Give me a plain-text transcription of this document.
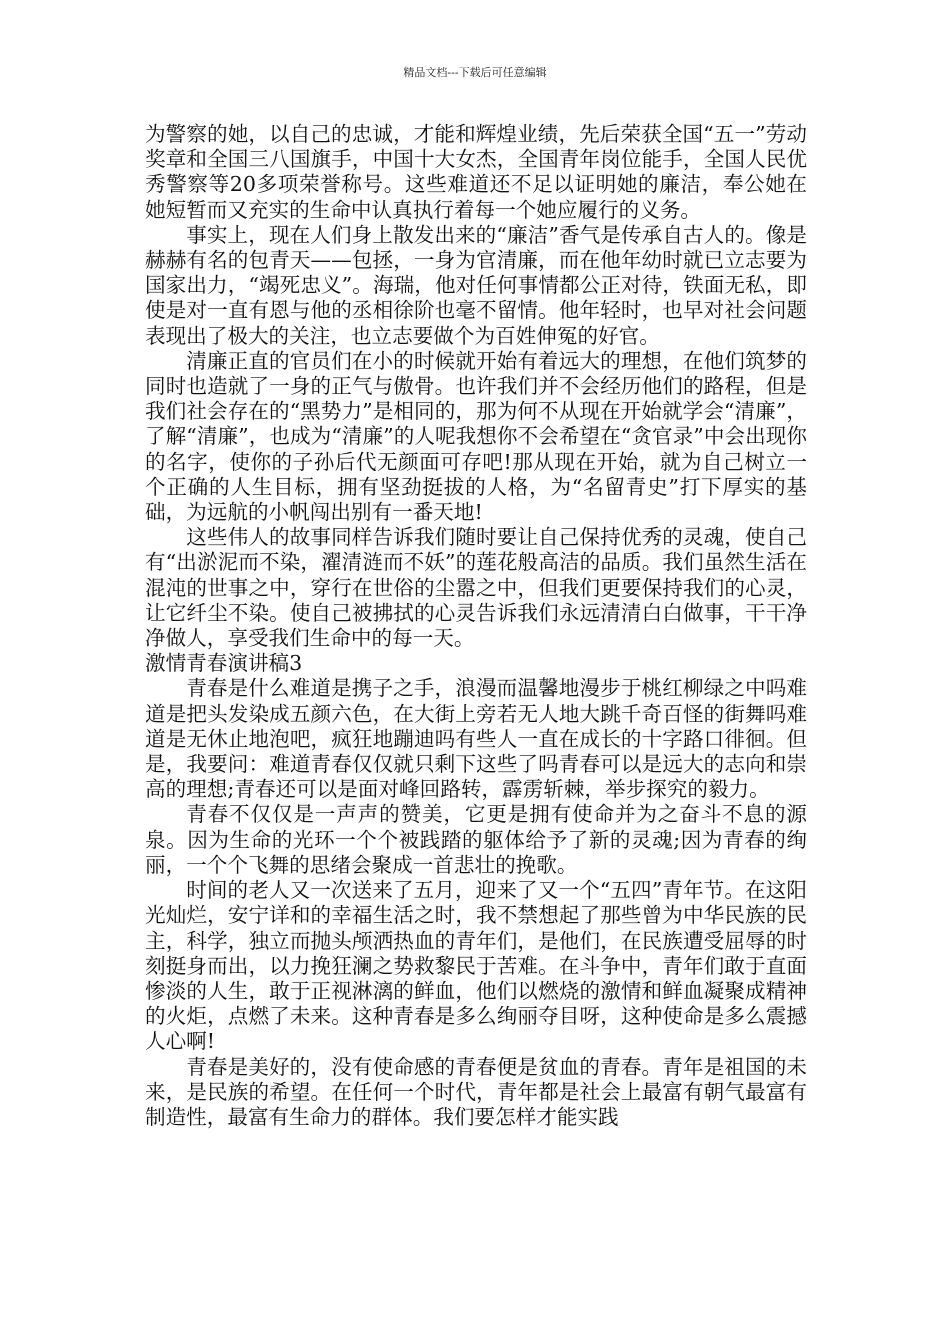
精品文档---下载后可任意编辑

为警察的她，以自己的忠诚，才能和辉煌业绩，先后荣获全国“五一”劳动奖章和全国三八国旗手，中国十大女杰，全国青年岗位能手，全国人民优秀警察等20多项荣誉称号。这些难道还不足以证明她的廉洁，奉公她在她短暂而又充实的生命中认真执行着每一个她应履行的义务。

事实上，现在人们身上散发出来的“廉洁”香气是传承自古人的。像是赫赫有名的包青天——包拯，一身为官清廉，而在他年幼时就已立志要为国家出力，“竭死忠义”。海瑞，他对任何事情都公正对待，铁面无私，即使是对一直有恩与他的丞相徐阶也毫不留情。他年轻时，也早对社会问题表现出了极大的关注，也立志要做个为百姓伸冤的好官。

清廉正直的官员们在小的时候就开始有着远大的理想，在他们筑梦的同时也造就了一身的正气与傲骨。也许我们并不会经历他们的路程，但是我们社会存在的“黑势力”是相同的，那为何不从现在开始就学会“清廉”，了解“清廉”，也成为“清廉”的人呢我想你不会希望在“贪官录”中会出现你的名字，使你的子孙后代无颜面可存吧!那从现在开始，就为自己树立一个正确的人生目标，拥有坚劲挺拔的人格，为“名留青史”打下厚实的基础，为远航的小帆闯出别有一番天地!

这些伟人的故事同样告诉我们随时要让自己保持优秀的灵魂，使自己有“出淤泥而不染，濯清涟而不妖”的莲花般高洁的品质。我们虽然生活在混沌的世事之中，穿行在世俗的尘嚣之中，但我们更要保持我们的心灵，让它纤尘不染。使自己被拂拭的心灵告诉我们永远清清白白做事，干干净净做人，享受我们生命中的每一天。

激情青春演讲稿3

青春是什么难道是携子之手，浪漫而温馨地漫步于桃红柳绿之中吗难道是把头发染成五颜六色，在大街上旁若无人地大跳千奇百怪的街舞吗难道是无休止地泡吧，疯狂地蹦迪吗有些人一直在成长的十字路口徘徊。但是，我要问：难道青春仅仅就只剩下这些了吗青春可以是远大的志向和崇高的理想;青春还可以是面对峰回路转，霹雳斩棘，举步探究的毅力。

青春不仅仅是一声声的赞美，它更是拥有使命并为之奋斗不息的源泉。因为生命的光环一个个被践踏的躯体给予了新的灵魂;因为青春的绚丽，一个个飞舞的思绪会聚成一首悲壮的挽歌。

时间的老人又一次送来了五月，迎来了又一个“五四”青年节。在这阳光灿烂，安宁详和的幸福生活之时，我不禁想起了那些曾为中华民族的民主，科学，独立而抛头颅洒热血的青年们，是他们，在民族遭受屈辱的时刻挺身而出，以力挽狂澜之势救黎民于苦难。在斗争中，青年们敢于直面惨淡的人生，敢于正视淋漓的鲜血，他们以燃烧的激情和鲜血凝聚成精神的火炬，点燃了未来。这种青春是多么绚丽夺目呀，这种使命是多么震撼人心啊!

青春是美好的，没有使命感的青春便是贫血的青春。青年是祖国的未来，是民族的希望。在任何一个时代，青年都是社会上最富有朝气最富有制造性，最富有生命力的群体。我们要怎样才能实践
